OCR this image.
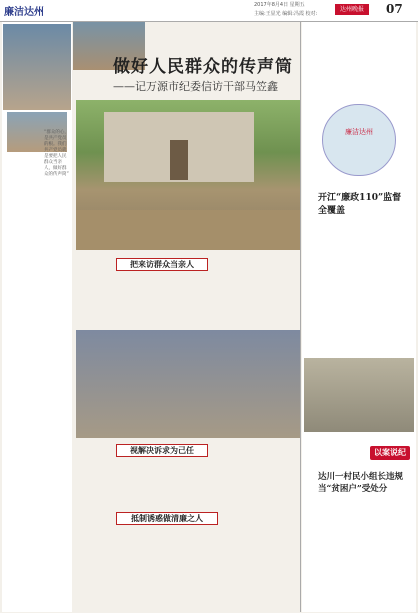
廉洁达州
2017年8月4日 星期五
主编:王显光 编辑:冯霞 校对:
达州晚报	07
“群众的心，是共产党员的根。我们共产党员就是要把人民群众当亲人，做好群众的传声筒”
做好人民群众的传声筒
——记万源市纪委信访干部马笠鑫
把来访群众当亲人
视解决诉求为己任
抵制诱惑做清廉之人
廉洁达州
开江“廉政110”监督全覆盖
以案说纪
达川一村民小组长违规当“贫困户”受处分
